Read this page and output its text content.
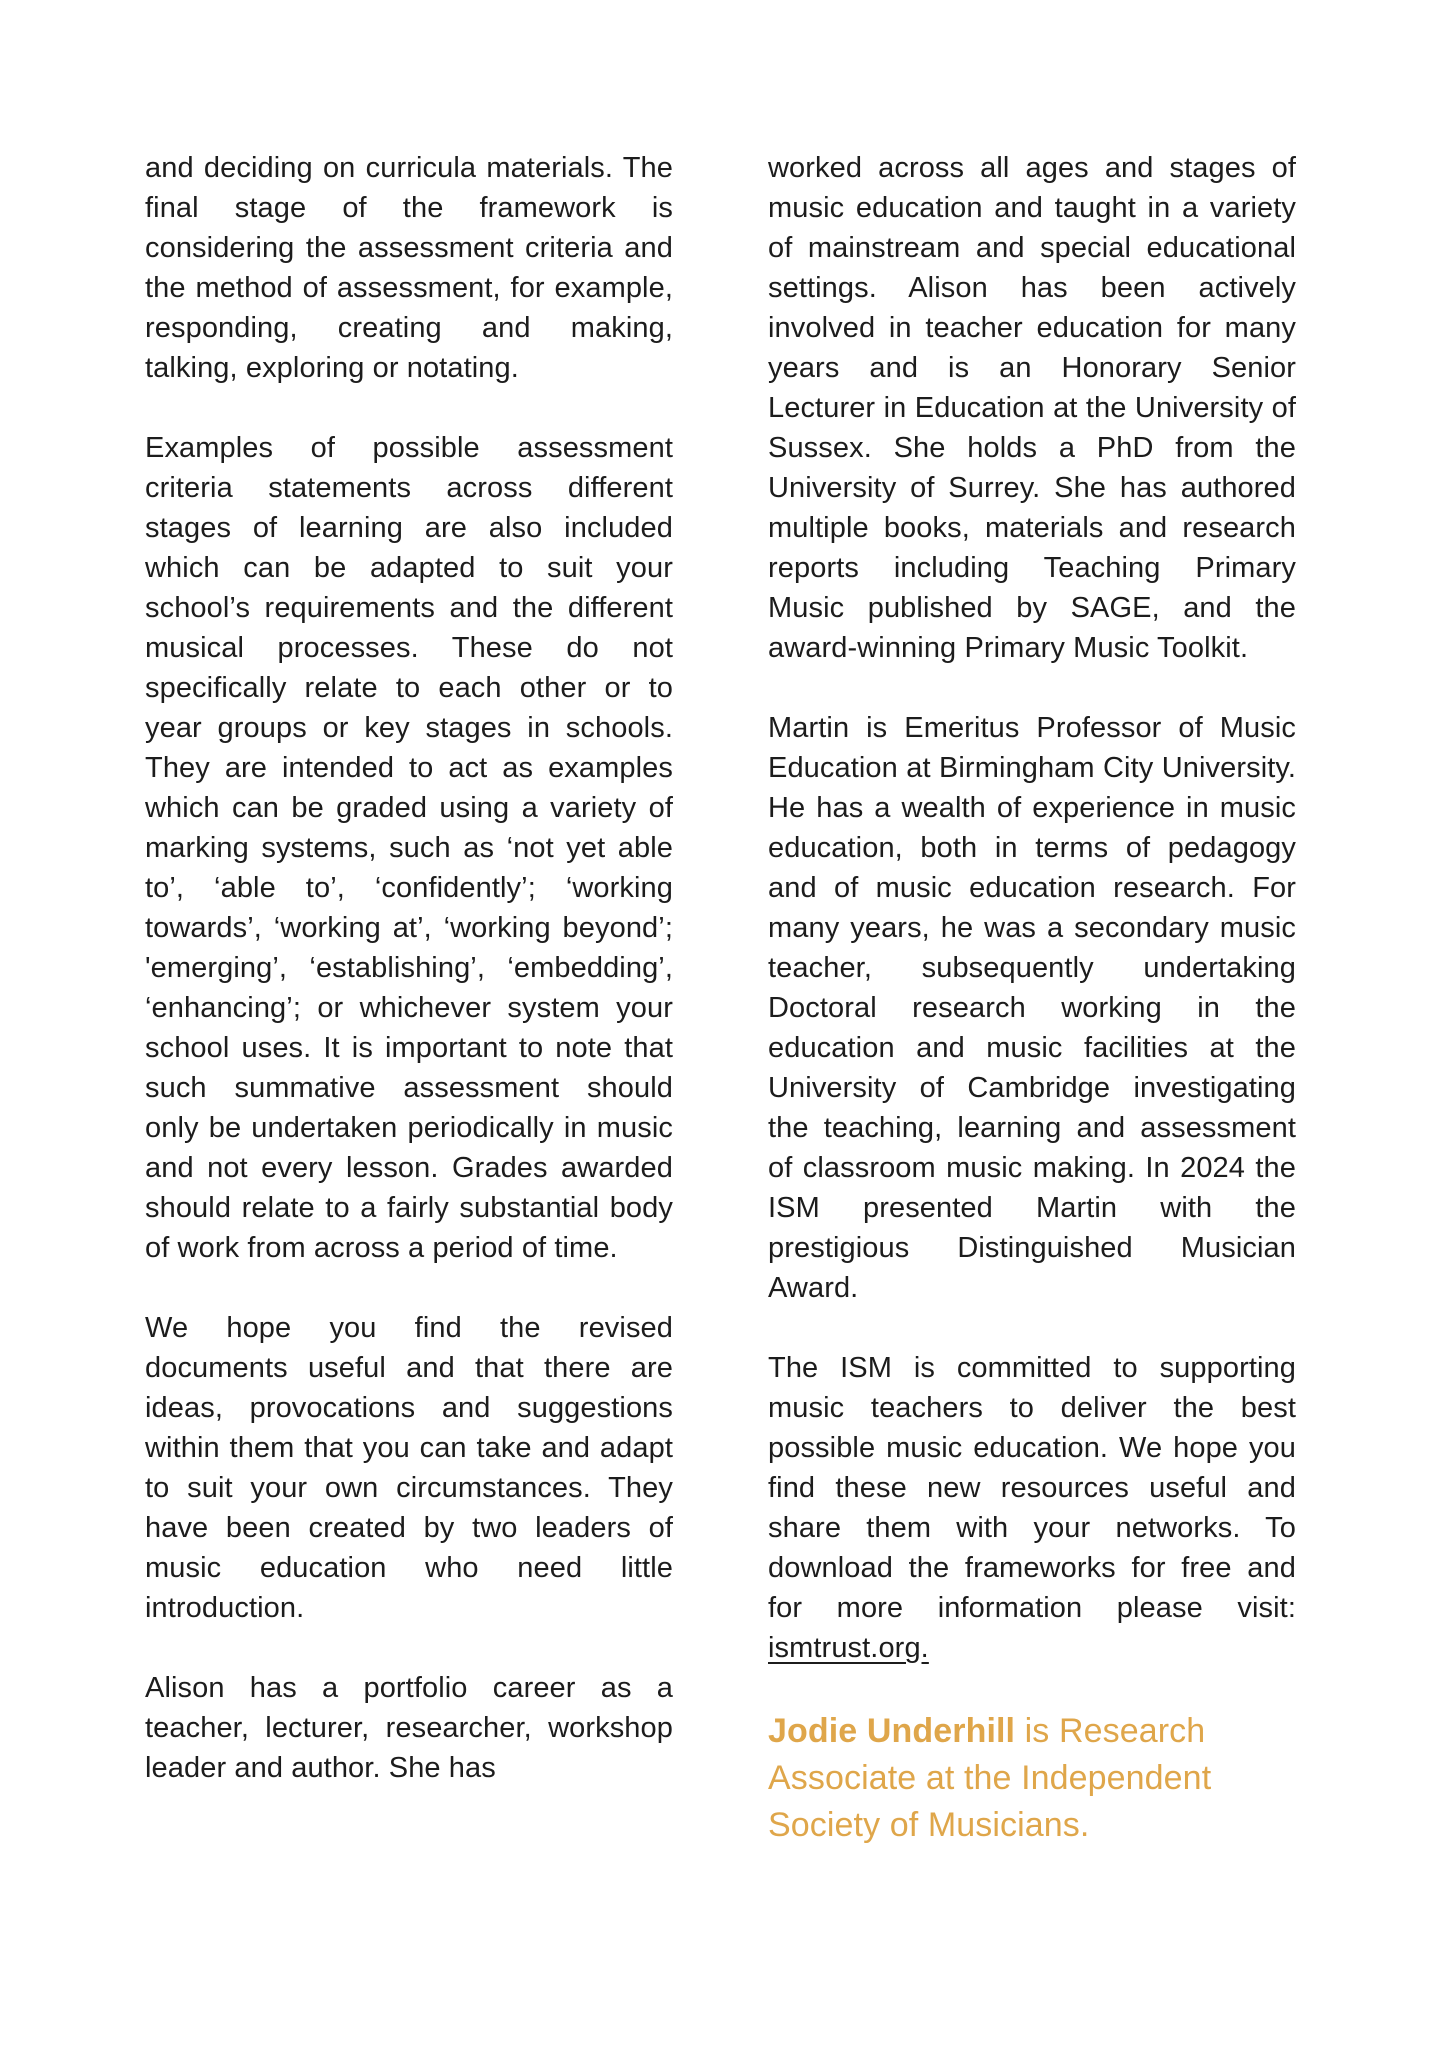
and deciding on curricula materials. The final stage of the framework is considering the assessment criteria and the method of assessment, for example, responding, creating and making, talking, exploring or notating.

Examples of possible assessment criteria statements across different stages of learning are also included which can be adapted to suit your school’s requirements and the different musical processes. These do not specifically relate to each other or to year groups or key stages in schools. They are intended to act as examples which can be graded using a variety of marking systems, such as ‘not yet able to’, ‘able to’, ‘confidently’; ‘working towards’, ‘working at’, ‘working beyond’; 'emerging’, ‘establishing’, ‘embedding’, ‘enhancing’; or whichever system your school uses. It is important to note that such summative assessment should only be undertaken periodically in music and not every lesson. Grades awarded should relate to a fairly substantial body of work from across a period of time.

We hope you find the revised documents useful and that there are ideas, provocations and suggestions within them that you can take and adapt to suit your own circumstances. They have been created by two leaders of music education who need little introduction.

Alison has a portfolio career as a teacher, lecturer, researcher, workshop leader and author. She has

worked across all ages and stages of music education and taught in a variety of mainstream and special educational settings. Alison has been actively involved in teacher education for many years and is an Honorary Senior Lecturer in Education at the University of Sussex. She holds a PhD from the University of Surrey. She has authored multiple books, materials and research reports including Teaching Primary Music published by SAGE, and the award-winning Primary Music Toolkit.

Martin is Emeritus Professor of Music Education at Birmingham City University. He has a wealth of experience in music education, both in terms of pedagogy and of music education research. For many years, he was a secondary music teacher, subsequently undertaking Doctoral research working in the education and music facilities at the University of Cambridge investigating the teaching, learning and assessment of classroom music making. In 2024 the ISM presented Martin with the prestigious Distinguished Musician Award.

The ISM is committed to supporting music teachers to deliver the best possible music education. We hope you find these new resources useful and share them with your networks. To download the frameworks for free and for more information please visit: ismtrust.org.

Jodie Underhill is Research Associate at the Independent Society of Musicians.
